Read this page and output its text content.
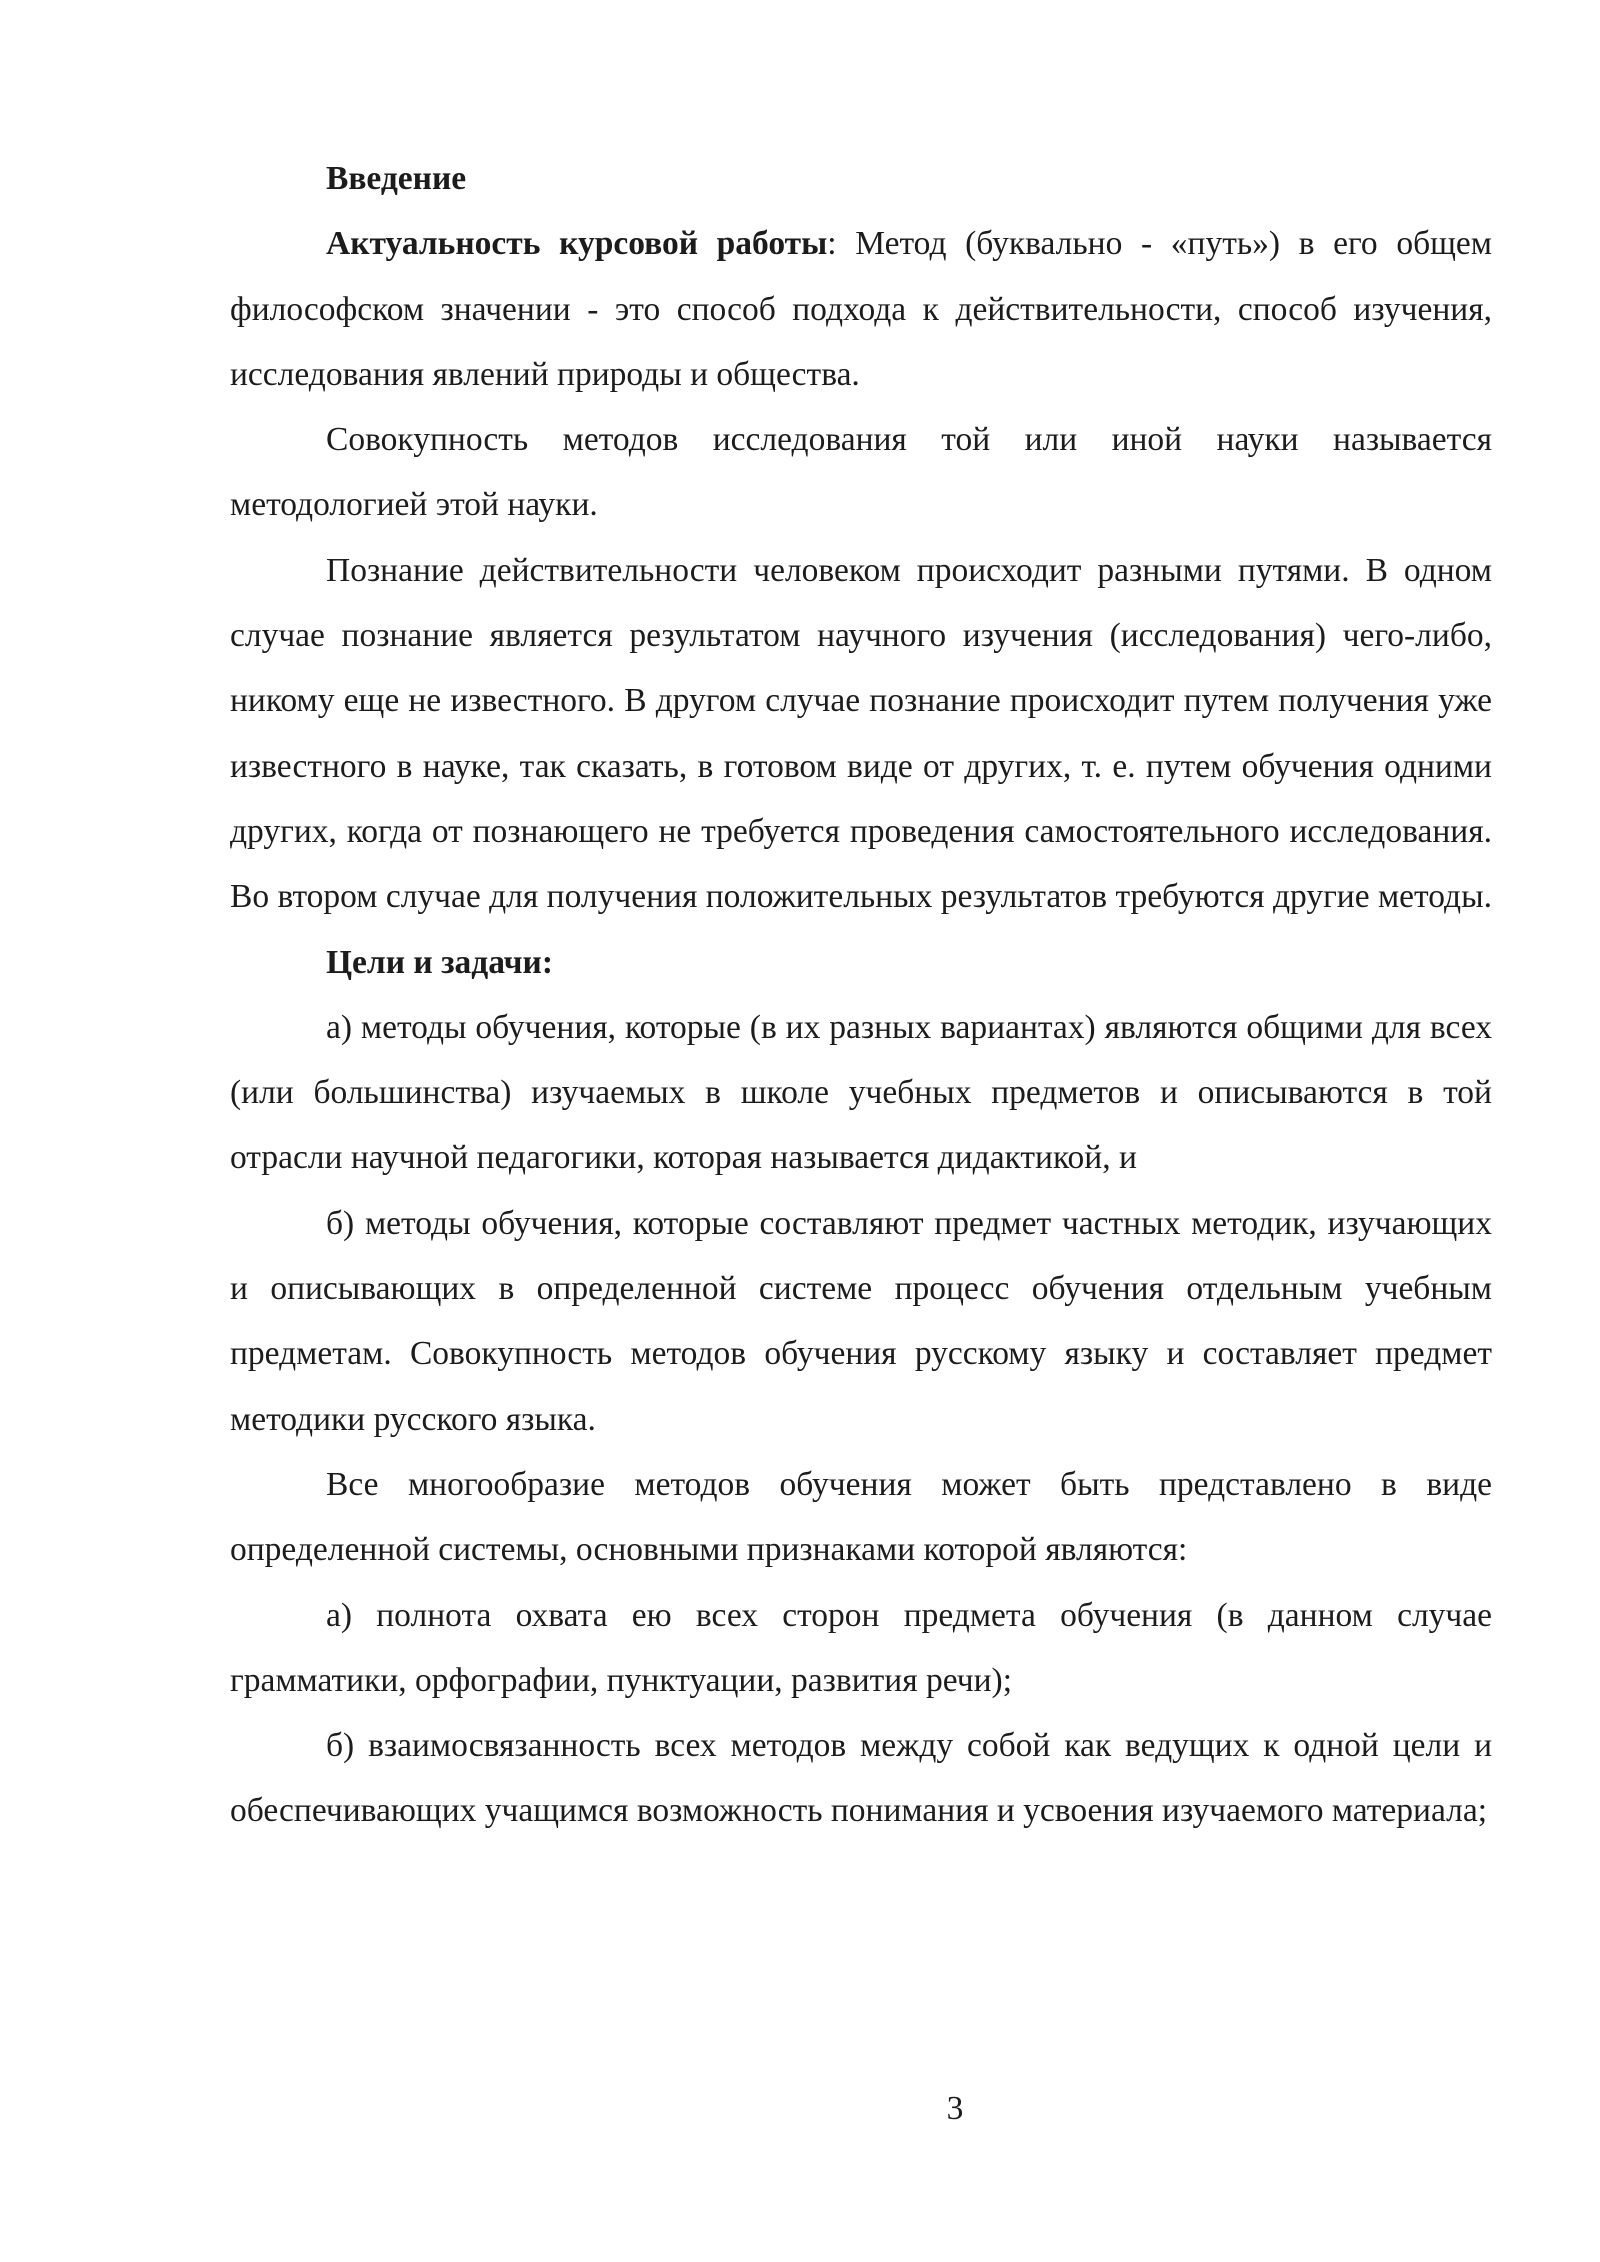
Введение

Актуальность курсовой работы: Метод (буквально - «путь») в его общем философском значении - это способ подхода к действительности, способ изучения, исследования явлений природы и общества.

Совокупность методов исследования той или иной науки называется методологией этой науки.

Познание действительности человеком происходит разными путями. В одном случае познание является результатом научного изучения (исследования) чего-либо, никому еще не известного. В другом случае познание происходит путем получения уже известного в науке, так сказать, в готовом виде от других, т. е. путем обучения одними других, когда от познающего не требуется проведения самостоятельного исследования. Во втором случае для получения положительных результатов требуются другие методы.

Цели и задачи:

а) методы обучения, которые (в их разных вариантах) являются общими для всех (или большинства) изучаемых в школе учебных предметов и описываются в той отрасли научной педагогики, которая называется дидактикой, и

б) методы обучения, которые составляют предмет частных методик, изучающих и описывающих в определенной системе процесс обучения отдельным учебным предметам. Совокупность методов обучения русскому языку и составляет предмет методики русского языка.

Все многообразие методов обучения может быть представлено в виде определенной системы, основными признаками которой являются:

а) полнота охвата ею всех сторон предмета обучения (в данном случае грамматики, орфографии, пунктуации, развития речи);

б) взаимосвязанность всех методов между собой как ведущих к одной цели и обеспечивающих учащимся возможность понимания и усвоения изучаемого материала;

3
